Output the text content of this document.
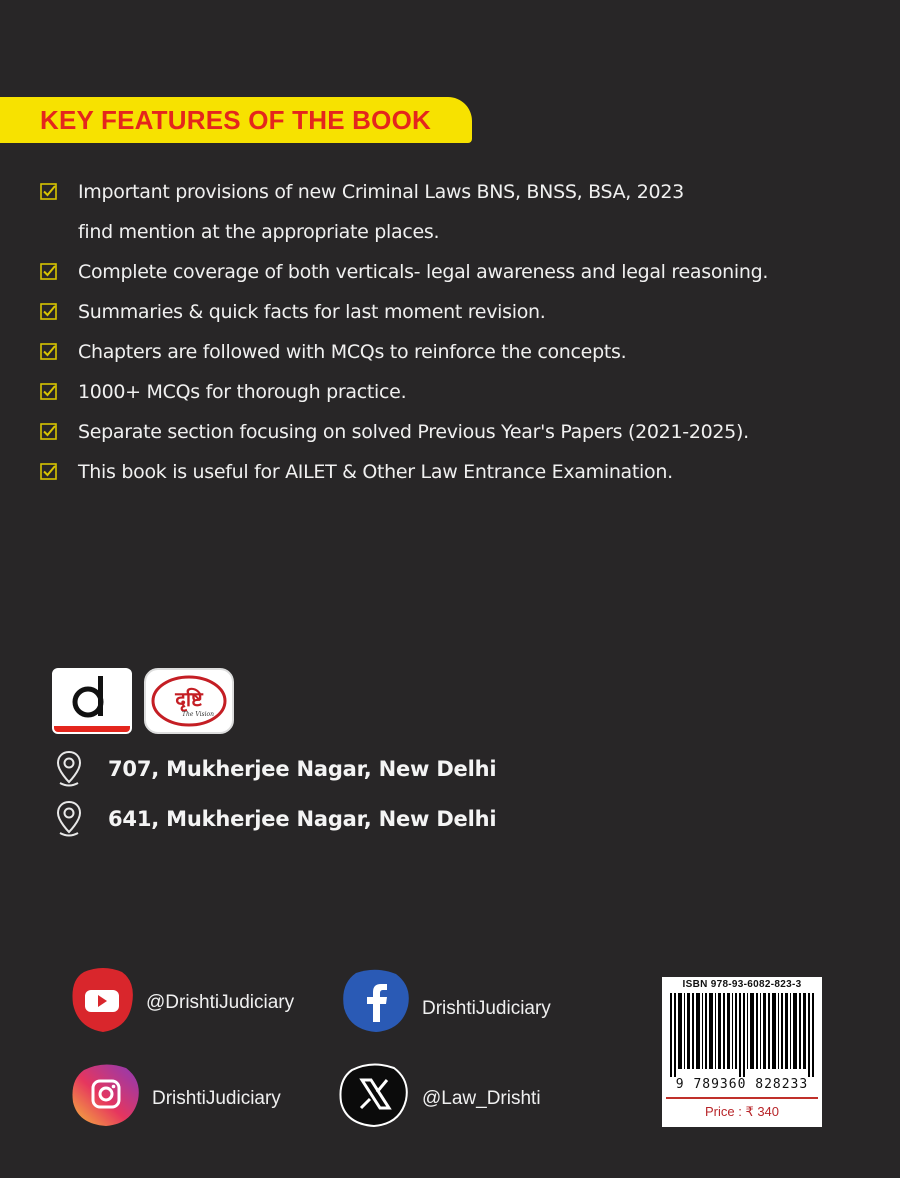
KEY FEATURES OF THE BOOK
Important provisions of new Criminal Laws BNS, BNSS, BSA, 2023
find mention at the appropriate places.
Complete coverage of both verticals- legal awareness and legal reasoning.
Summaries & quick facts for last moment revision.
Chapters are followed with MCQs to reinforce the concepts.
1000+ MCQs for thorough practice.
Separate section focusing on solved Previous Year's Papers (2021-2025).
This book is useful for AILET & Other Law Entrance Examination.
दृष्टि
The Vision
707, Mukherjee Nagar, New Delhi
641, Mukherjee Nagar, New Delhi
@DrishtiJudiciary	DrishtiJudiciary
DrishtiJudiciary	@Law_Drishti
ISBN 978-93-6082-823-3
9 789360 828233
Price : ₹ 340
